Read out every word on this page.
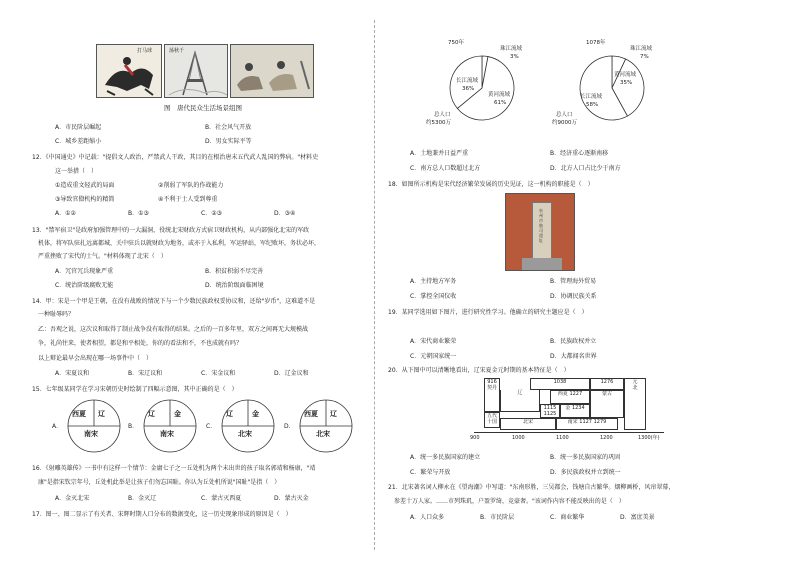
打马球	荡秋千
图　唐代民众生活场景组图
A．市民阶层崛起	B．社会风气开放
C．城乡差距缩小	D．男女实际平等
12．《中国通史》中记载："提倡文人政治，严禁武人干政，其目的在根治唐末五代武人乱国的弊病。"材料史
这一举措（　）
①造成重文轻武的局面	②削弱了军队的作战能力
③导致官僚机构的精简	④不利于士人受到尊重
A．①②	B．①③	C．②③	D．③④
13．"禁军宿卫"是政府加强管理中的一大漏洞，役统北宋财政方式宿卫财政机构，从内部强化北宋的军政
机体，将军队驻扎远离都城，关中驻兵以就财政为地务，或亦于入私利，军运驿站，军纪败坏，务状必坏，
严重挫败了宋代的士气。"材料体现了北宋（　）
A．冗官冗兵现象严重	B．积贫积弱不尽完善
C．统治阶级腐败无能	D．统治阶级面临困境
14．甲：宋是一个甲是王朝，在没有战败的情况下与一个少数民族政权妥协议和，还给"岁币"，这难道不是
一种耻辱吗？
乙：吾观之说，这次议和取得了制止战争没有取得的结果。之后的一百多年里，双方之间再无大规模战
争，礼尚往来，使者相望，都是和平相处，你的的看法和不，不也成就有吗？
以上辩论最早会出现在哪一场事件中（　）
A．宋夏议和	B．宋辽议和	C．宋金议和	D．辽金议和
15．七年级某同学在学习宋朝历史时绘制了四幅示意图，其中正确的是（　）
A．
西夏 辽
南宋
B．
辽	金
南宋
C．
辽	金
北宋
D．
西夏 辽
北宋
16．《射雕英雄传》一书中有这样一个情节：金庸七子之一丘处机为两个未出世的孩子取名郭靖和杨康，"靖
康"是指宋钦宗年号，丘处机此举是让孩子们勿忘国耻。你认为丘处机所说"国耻"是指（　）
A．金灭北宋	B．金灭辽	C．蒙古灭西夏	D．蒙古灭金
17．图一、图二显示了有关者、宋辉时期人口分布的数据变化，这一历史现象形成的原因是（　）
750年
珠江流域
3%
长江流域
36%
黄河流域
61%
总人口
约5300万
1078年
珠江流域
7%
黄河流域
35%
长江流域
58%
总人口
约9000万
A．土地兼并日益严重	B．经济重心逐渐南移
C．南方总人口数超过北方	D．北方人口占比少于南方
18．如图所示机构是宋代经济繁荣发展的历史见证，这一机构的职能是（　）
泉州市舶司遗址
A．主持地方军务	B．管理海外贸易
C．掌控全国仪收	D．协调民族关系
19．某同学选用如下图片，进行研究性学习。他确立的研究主题应是（　）
A．宋代商业繁荣	B．民族政权并立
C．元朝国家统一	D．大都闻名世界
20．从下图中可以清晰地看出，辽宋夏金元时期的基本特征是（　）
916
契丹
辽
1038	1276
西夏 1227	蒙古
1115
1125
金 1234
五代
十国	北宋	南宋 1127 1279
元
北
900	1000	1100	1200	1300(年)
A．统一多民族国家的建立	B．统一多民族国家的巩固
C．繁荣与开放	D．多民族政权并立到统一
21．北宋著名词人柳永在《望海潮》中写道："东南形胜，三吴都会，钱塘自古繁华。烟柳画桥，风帘翠幕，
参差十万人家。……市列珠玑，户盈罗绮，竞豪奢。"该词作内容不能反映出的是（　）
A．人口众多	B．市民阶层	C．商业繁华	D．富庶美景
